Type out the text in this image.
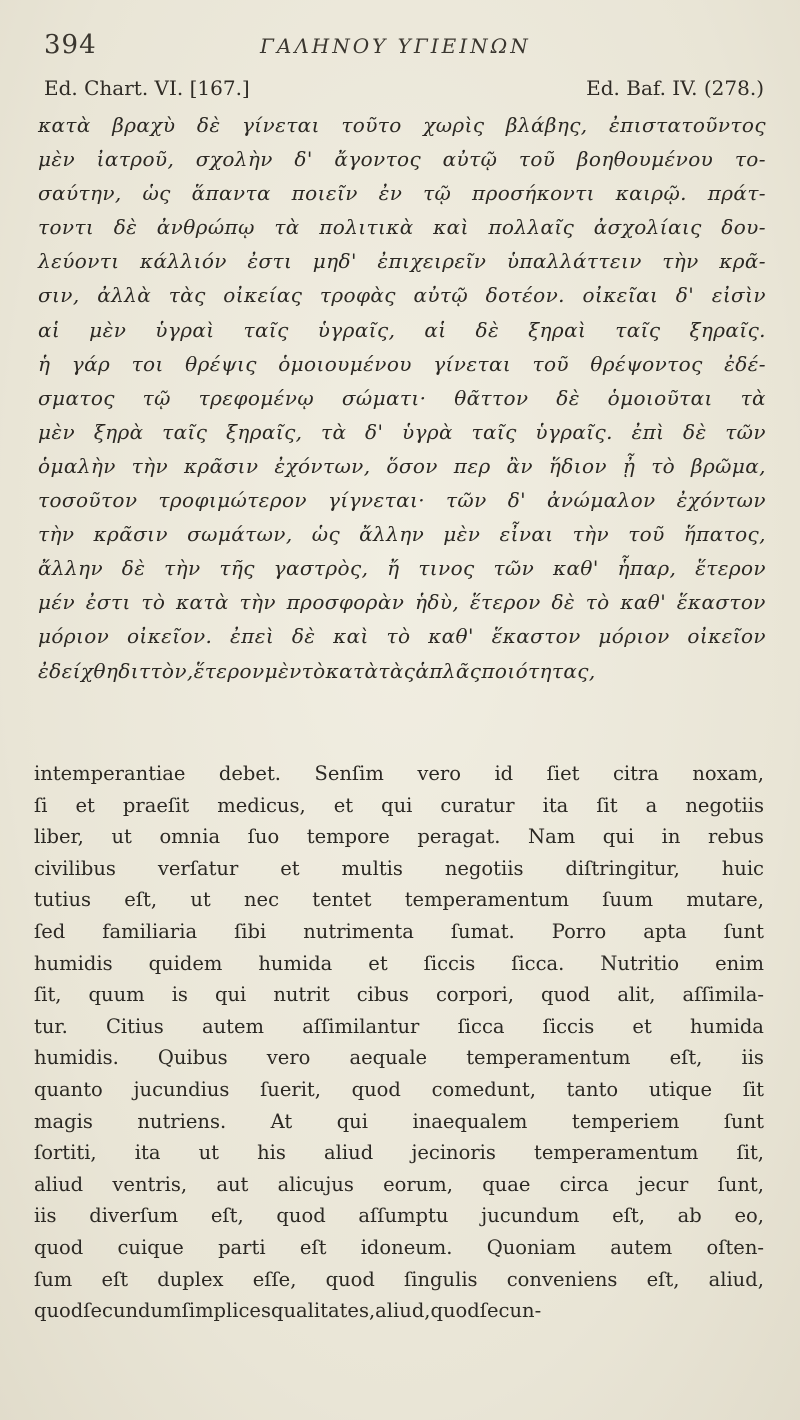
394	ΓΑΛΗΝΟΥ ΥΓΙΕΙΝΩΝ
Ed. Chart. VI. [167.]	Ed. Baf. IV. (278.)
κατὰ βραχὺ δὲ γίνεται τοῦτο χωρὶς βλάβης, ἐπιστατοῦντος
μὲν ἰατροῦ, σχολὴν δ' ἄγοντος αὐτῷ τοῦ βοηθουμένου το-
σαύτην, ὡς ἅπαντα ποιεῖν ἐν τῷ προσήκοντι καιρῷ. πράτ-
τοντι δὲ ἀνθρώπῳ τὰ πολιτικὰ καὶ πολλαῖς ἀσχολίαις δου-
λεύοντι κάλλιόν ἐστι μηδ' ἐπιχειρεῖν ὑπαλλάττειν τὴν κρᾶ-
σιν, ἀλλὰ τὰς οἰκείας τροφὰς αὐτῷ δοτέον. οἰκεῖαι δ' εἰσὶν
αἱ μὲν ὑγραὶ ταῖς ὑγραῖς, αἱ δὲ ξηραὶ ταῖς ξηραῖς.
ἡ γάρ τοι θρέψις ὁμοιουμένου γίνεται τοῦ θρέψοντος ἐδέ-
σματος τῷ τρεφομένῳ σώματι· θᾶττον δὲ ὁμοιοῦται τὰ
μὲν ξηρὰ ταῖς ξηραῖς, τὰ δ' ὑγρὰ ταῖς ὑγραῖς. ἐπὶ δὲ τῶν
ὁμαλὴν τὴν κρᾶσιν ἐχόντων, ὅσον περ ἂν ἥδιον ᾖ τὸ βρῶμα,
τοσοῦτον τροφιμώτερον γίγνεται· τῶν δ' ἀνώμαλον ἐχόντων
τὴν κρᾶσιν σωμάτων, ὡς ἄλλην μὲν εἶναι τὴν τοῦ ἥπατος,
ἄλλην δὲ τὴν τῆς γαστρὸς, ἤ τινος τῶν καθ' ἧπαρ, ἕτερον
μέν ἐστι τὸ κατὰ τὴν προσφορὰν ἡδὺ, ἕτερον δὲ τὸ καθ' ἕκαστον
μόριον οἰκεῖον. ἐπεὶ δὲ καὶ τὸ καθ' ἕκαστον μόριον οἰκεῖον
ἐδείχθη διττὸν, ἕτερον μὲν τὸ κατὰ τὰς ἁπλᾶς ποιότητας,
intemperantiae debet. Senſim vero id ſiet citra noxam,
ſi et praeſit medicus, et qui curatur ita ſit a negotiis
liber, ut omnia ſuo tempore peragat. Nam qui in rebus
civilibus verſatur et multis negotiis diſtringitur, huic
tutius eſt, ut nec tentet temperamentum ſuum mutare,
ſed familiaria ſibi nutrimenta ſumat. Porro apta ſunt
humidis quidem humida et ſiccis ſicca. Nutritio enim
ſit, quum is qui nutrit cibus corpori, quod alit, aſſimila-
tur. Citius autem aſſimilantur ſicca ſiccis et humida
humidis. Quibus vero aequale temperamentum eſt, iis
quanto jucundius ſuerit, quod comedunt, tanto utique ſit
magis nutriens. At qui inaequalem temperiem ſunt
ſortiti, ita ut his aliud jecinoris temperamentum ſit,
aliud ventris, aut alicujus eorum, quae circa jecur ſunt,
iis diverſum eſt, quod aſſumptu jucundum eſt, ab eo,
quod cuique parti eſt idoneum. Quoniam autem oſten-
ſum eſt duplex eſſe, quod ſingulis conveniens eſt, aliud,
quod ſecundum ſimplices qualitates, aliud, quod ſecun-
